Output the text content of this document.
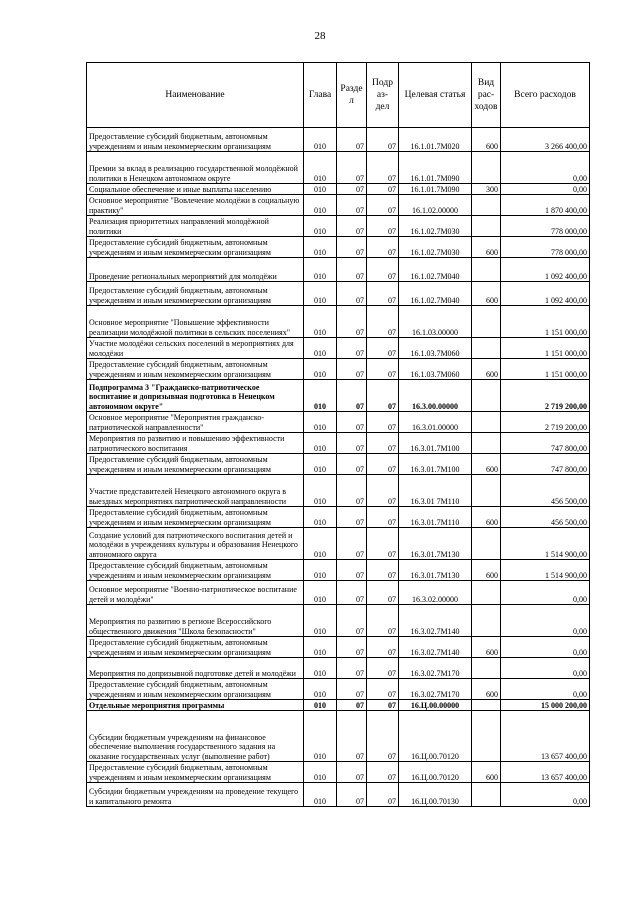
28
Наименование	Глава	Разде л	Подр аз- дел	Целевая статья	Вид рас- ходов	Всего расходов
Предоставление субсидий бюджетным, автономным учреждениям и иным некоммерческим организациям	010	07	07	16.1.01.7М020	600	3 266 400,00
Премии за вклад в реализацию государственной молодёжной политики в Ненецком автономном округе	010	07	07	16.1.01.7М090		0,00
Социальное обеспечение и иные выплаты населению	010	07	07	16.1.01.7М090	300	0,00
Основное мероприятие "Вовлечение молодёжи в социальную практику"	010	07	07	16.1.02.00000		1 870 400,00
Реализация приоритетных направлений молодёжной политики	010	07	07	16.1.02.7М030		778 000,00
Предоставление субсидий бюджетным, автономным учреждениям и иным некоммерческим организациям	010	07	07	16.1.02.7М030	600	778 000,00
Проведение региональных мероприятий для молодёжи	010	07	07	16.1.02.7М040		1 092 400,00
Предоставление субсидий бюджетным, автономным учреждениям и иным некоммерческим организациям	010	07	07	16.1.02.7М040	600	1 092 400,00
Основное мероприятие "Повышение эффективности реализации молодёжной политики в сельских поселениях"	010	07	07	16.1.03.00000		1 151 000,00
Участие молодёжи сельских поселений в мероприятиях для молодёжи	010	07	07	16.1.03.7М060		1 151 000,00
Предоставление субсидий бюджетным, автономным учреждениям и иным некоммерческим организациям	010	07	07	16.1.03.7М060	600	1 151 000,00
Подпрограмма 3 "Гражданско-патриотическое воспитание и допризывная подготовка в Ненецком автономном округе"	010	07	07	16.3.00.00000		2 719 200,00
Основное мероприятие "Мероприятия гражданско-патриотической направленности"	010	07	07	16.3.01.00000		2 719 200,00
Мероприятия по развитию и повышению эффективности патриотического воспитания	010	07	07	16.3.01.7М100		747 800,00
Предоставление субсидий бюджетным, автономным учреждениям и иным некоммерческим организациям	010	07	07	16.3.01.7М100	600	747 800,00
Участие представителей Ненецкого автономного округа в выездных мероприятиях патриотической направленности	010	07	07	16.3.01 7М110		456 500,00
Предоставление субсидий бюджетным, автономным учреждениям и иным некоммерческим организациям	010	07	07	16.3.01.7М110	600	456 500,00
Создание условий для патриотического воспитания детей и молодёжи в учреждениях культуры и образования Ненецкого автономного округа	010	07	07	16.3.01.7М130		1 514 900,00
Предоставление субсидий бюджетным, автономным учреждениям и иным некоммерческим организациям	010	07	07	16.3.01.7М130	600	1 514 900,00
Основное мероприятие "Военно-патриотическое воспитание детей и молодёжи"	010	07	07	16.3.02.00000		0,00
Мероприятия по развитию в регионе Всероссийского общественного движения "Школа безопасности"	010	07	07	16.3.02.7М140		0,00
Предоставление субсидий бюджетным, автономным учреждениям и иным некоммерческим организациям	010	07	07	16.3.02.7М140	600	0,00
Мероприятия по допризывной подготовке детей и молодёжи	010	07	07	16.3.02.7М170		0,00
Предоставление субсидий бюджетным, автономным учреждениям и иным некоммерческим организациям	010	07	07	16.3.02.7М170	600	0,00
Отдельные мероприятия программы	010	07	07	16.Ц.00.00000		15 000 200,00
Субсидии бюджетным учреждениям на финансовое обеспечение выполнения государственного задания на оказание государственных услуг (выполнение работ)	010	07	07	16.Ц.00.70120		13 657 400,00
Предоставление субсидий бюджетным, автономным учреждениям и иным некоммерческим организациям	010	07	07	16.Ц.00.70120	600	13 657 400,00
Субсидии бюджетным учреждениям на проведение текущего и капитального ремонта	010	07	07	16.Ц.00.70130		0,00
